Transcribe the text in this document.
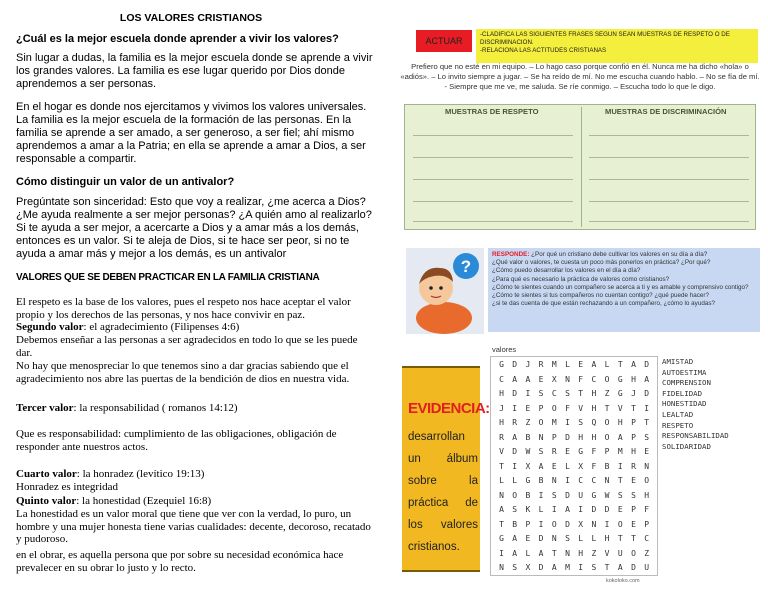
LOS VALORES CRISTIANOS
¿Cuál es la mejor escuela donde aprender a vivir los valores?
Sin lugar a dudas, la familia es la mejor escuela donde se aprende a vivir los grandes valores. La familia es ese lugar querido por Dios donde aprendemos a ser personas.
En el hogar es donde nos ejercitamos y vivimos los valores universales. La familia es la mejor escuela de la formación de las personas. En la familia se aprende a ser amado, a ser generoso, a ser fiel; ahí mismo aprendemos a amar a la Patria; en ella se aprende a amar a Dios, a ser responsable a compartir.
Cómo distinguir un valor de un antivalor?
Pregúntate son sinceridad: Esto que voy a realizar, ¿me acerca a Dios? ¿Me ayuda realmente a ser mejor personas? ¿A quién amo al realizarlo? Si te ayuda a ser mejor, a acercarte a Dios y a amar más a los demás, entonces es un valor. Si te aleja de Dios, si te hace ser peor, si no te ayuda a amar más y mejor a los demás, es un antivalor
VALORES QUE SE DEBEN PRACTICAR EN LA FAMILIA CRISTIANA
El respeto es la base de los valores, pues el respeto nos hace aceptar el valor propio y los derechos de las personas, y nos hace convivir en paz.
Segundo valor: el agradecimiento (Filipenses 4:6)
Debemos enseñar a las personas a ser agradecidos en todo lo que se les puede dar.
No hay que menospreciar lo que tenemos sino a dar gracias sabiendo que el agradecimiento nos abre las puertas de la bendición de dios en nuestra vida.
Tercer valor: la responsabilidad ( romanos 14:12)
Que es responsabilidad: cumplimiento de las obligaciones, obligación de responder ante nuestros actos.
Cuarto valor: la honradez (levítico 19:13)
Honradez es integridad
Quinto valor: la honestidad (Ezequiel 16:8)
La honestidad es un valor moral que tiene que ver con la verdad, lo puro, un hombre y una mujer honesta tiene varias cualidades: decente, decoroso, recatado y pudoroso.
en el obrar, es aquella persona que por sobre su necesidad económica hace prevalecer en su obrar lo justo y lo recto.
ACTUAR
-CLADIFICA LAS SIGUIENTES FRASES SEGUN SEAN MUESTRAS DE RESPETO O DE DISCRIMINACION.
-RELACIONA LAS ACTITUDES CRISTIANAS
Prefiero que no esté en mi equipo. – Lo hago caso porque confió en él. Nunca me ha dicho «hola» o «adiós». – Lo invito siempre a jugar. – Se ha reído de mí. No me escucha cuando hablo. – No se fía de mí. - Siempre que me ve, me saluda. Se ríe conmigo. – Escucha todo lo que le digo.
MUESTRAS DE RESPETO	MUESTRAS DE DISCRIMINACIÓN
?
RESPONDE: ¿Por qué un cristiano debe cultivar los valores en su día a día?
¿Qué valor o valores, te cuesta un poco más ponerlos en práctica? ¿Por qué?
¿Cómo puedo desarrollar los valores en el día a día?
¿Para qué es necesario la práctica de valores como cristianos?
¿Cómo te sientes cuando un compañero se acerca a ti y es amable y comprensivo contigo?
¿Cómo te sientes si tus compañeros no cuentan contigo? ¿qué puede hacer?
¿si te das cuenta de que están rechazando a un compañero, ¿cómo lo ayudas?
EVIDENCIA:
desarrollan un álbum sobre la práctica de los valores cristianos.
valores
G	D	J	R	M	L	E	A	L	T	A	D
C	A	A	E	X	N	F	C	O	G	H	A
H	D	I	S	C	S	T	H	Z	G	J	D
J	I	E	P	O	F	V	H	T	V	T	I
H	R	Z	O	M	I	S	Q	O	H	P	T
R	A	B	N	P	D	H	H	O	A	P	S
V	D	W	S	R	E	G	F	P	M	H	E
T	I	X	A	E	L	X	F	B	I	R	N
L	L	G	B	N	I	C	C	N	T	E	O
N	O	B	I	S	D	U	G	W	S	S	H
A	S	K	L	I	A	I	D	D	E	P	F
T	B	P	I	O	D	X	N	I	O	E	P
G	A	E	D	N	S	L	L	H	T	T	C
I	A	L	A	T	N	H	Z	V	U	O	Z
N	S	X	D	A	M	I	S	T	A	D	U
AMISTAD
AUTOESTIMA
COMPRENSION
FIDELIDAD
HONESTIDAD
LEALTAD
RESPETO
RESPONSABILIDAD
SOLIDARIDAD
kokoloko.com
